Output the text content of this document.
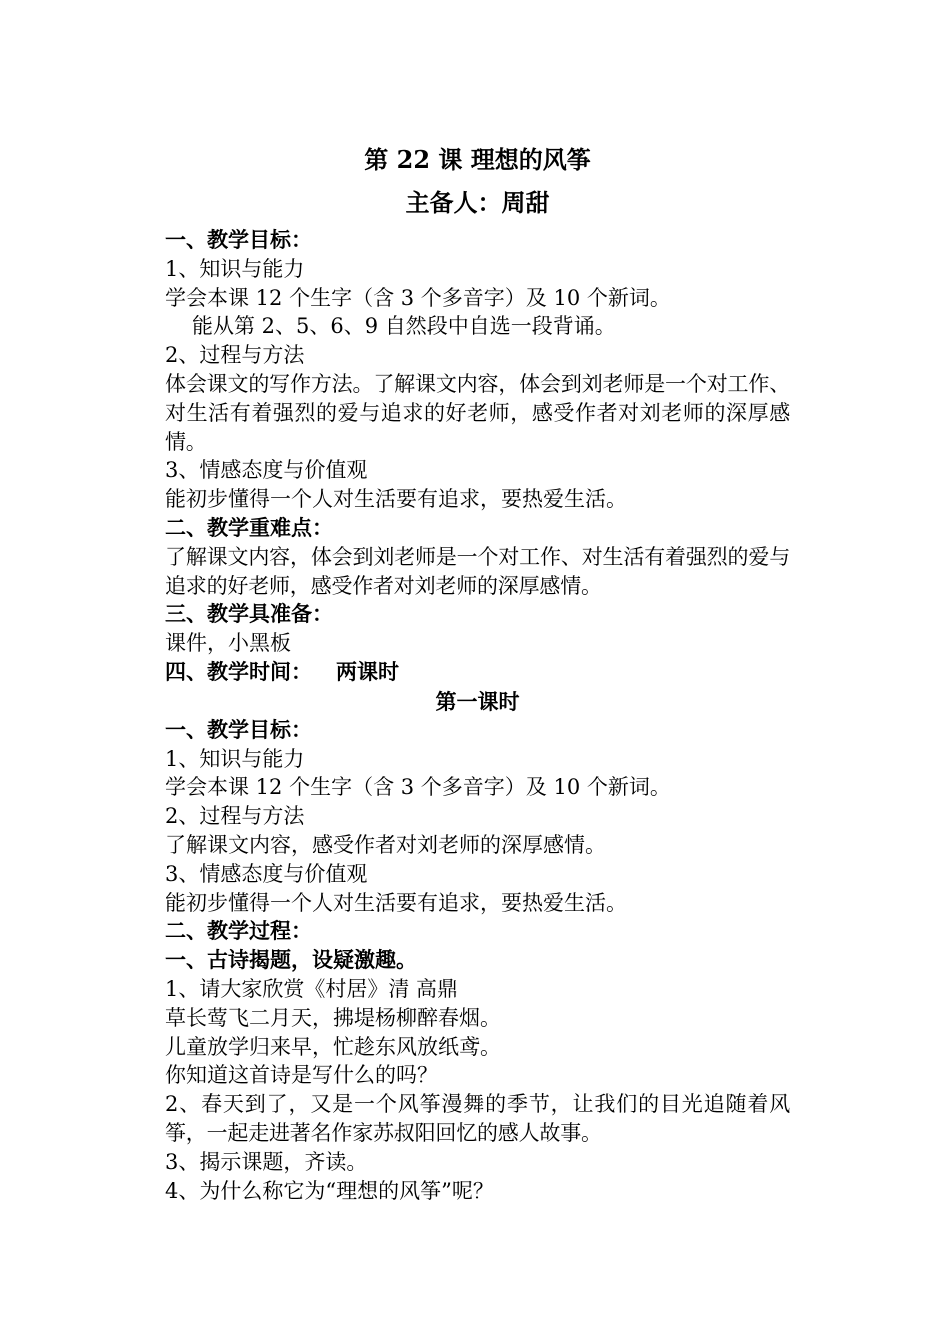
第 22 课 理想的风筝
主备人：周甜
一、教学目标：
1、知识与能力
学会本课 12 个生字（含 3 个多音字）及 10 个新词。
能从第 2、5、6、9 自然段中自选一段背诵。
2、过程与方法
体会课文的写作方法。了解课文内容，体会到刘老师是一个对工作、对生活有着强烈的爱与追求的好老师，感受作者对刘老师的深厚感情。
3、情感态度与价值观
能初步懂得一个人对生活要有追求，要热爱生活。
二、教学重难点：
了解课文内容，体会到刘老师是一个对工作、对生活有着强烈的爱与追求的好老师，感受作者对刘老师的深厚感情。
三、教学具准备：
课件，小黑板
四、教学时间： 两课时
第一课时
一、教学目标：
1、知识与能力
学会本课 12 个生字（含 3 个多音字）及 10 个新词。
2、过程与方法
了解课文内容，感受作者对刘老师的深厚感情。
3、情感态度与价值观
能初步懂得一个人对生活要有追求，要热爱生活。
二、教学过程：
一、古诗揭题，设疑激趣。
1、请大家欣赏《村居》清 高鼎
草长莺飞二月天，拂堤杨柳醉春烟。
儿童放学归来早，忙趁东风放纸鸢。
你知道这首诗是写什么的吗？
2、春天到了，又是一个风筝漫舞的季节，让我们的目光追随着风筝，一起走进著名作家苏叔阳回忆的感人故事。
3、揭示课题，齐读。
4、为什么称它为“理想的风筝”呢？
